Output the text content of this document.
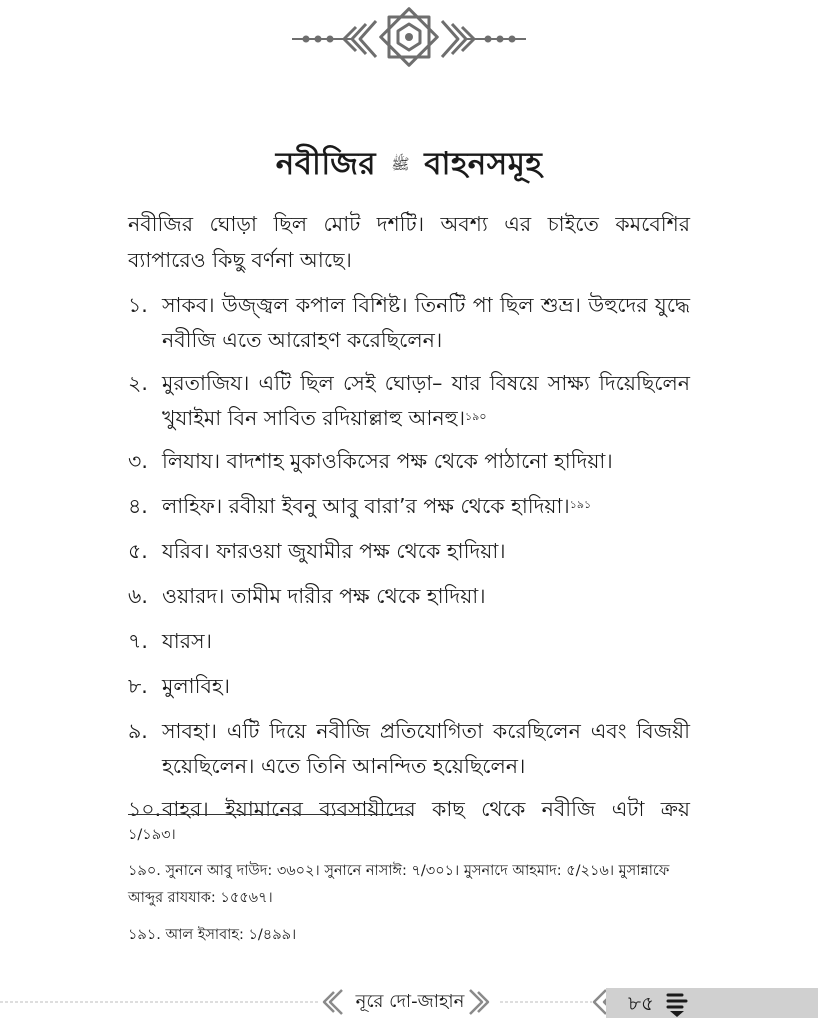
নবীজির ﷺ বাহনসমূহ
নবীজির ঘোড়া ছিল মোট দশটি। অবশ্য এর চাইতে কমবেশির ব্যাপারেও কিছু বর্ণনা আছে।
১. সাকব। উজ্জ্বল কপাল বিশিষ্ট। তিনটি পা ছিল শুভ্র। উহুদের যুদ্ধে নবীজি এতে আরোহণ করেছিলেন।
২. মুরতাজিয। এটি ছিল সেই ঘোড়া– যার বিষয়ে সাক্ষ্য দিয়েছিলেন খুযাইমা বিন সাবিত রদিয়াল্লাহু আনহু।$^{১৯০}$
৩. লিযায। বাদশাহ মুকাওকিসের পক্ষ থেকে পাঠানো হাদিয়া।
৪. লাহিফ। রবীয়া ইবনু আবু বারা’র পক্ষ থেকে হাদিয়া।$^{১৯১}$
৫. যরিব। ফারওয়া জুযামীর পক্ষ থেকে হাদিয়া।
৬. ওয়ারদ। তামীম দারীর পক্ষ থেকে হাদিয়া।
৭. যারস।
৮. মুলাবিহ।
৯. সাবহা। এটি দিয়ে নবীজি প্রতিযোগিতা করেছিলেন এবং বিজয়ী হয়েছিলেন। এতে তিনি আনন্দিত হয়েছিলেন।
১০. বাহর। ইয়ামানের ব্যবসায়ীদের কাছ থেকে নবীজি এটা ক্রয়
১/১৯৩।
১৯০. সুনানে আবু দাউদ: ৩৬০২। সুনানে নাসাঈ: ৭/৩০১। মুসনাদে আহমাদ: ৫/২১৬। মুসান্নাফে আব্দুর রাযযাক: ১৫৫৬৭।
১৯১. আল ইসাবাহ: ১/৪৯৯।
নূরে দো-জাহান	৮৫
